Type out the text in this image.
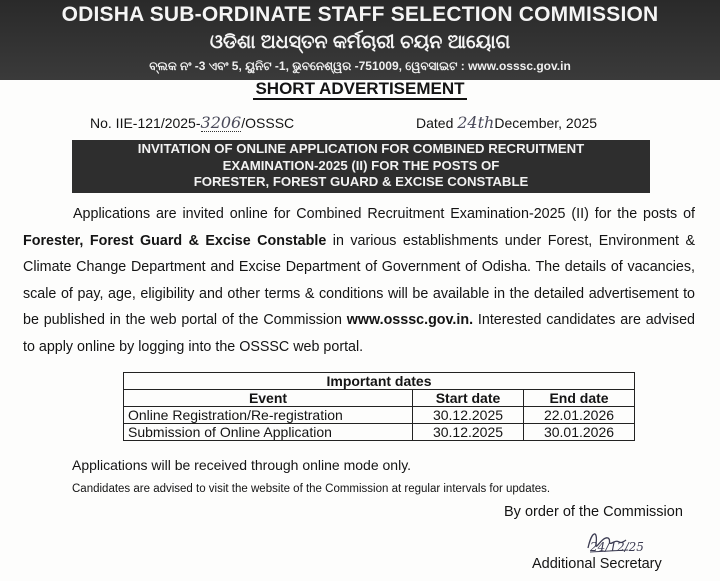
ODISHA SUB-ORDINATE STAFF SELECTION COMMISSION
ଓଡିଶା ଅଧସ୍ତନ କର୍ମଚାରୀ ଚୟନ ଆୟୋଗ
ବ୍ଲକ ନଂ -3 ଏବଂ 5, ୟୁନିଟ -1, ଭୁବନେଶ୍ୱର -751009, ୱେବସାଇଟ : www.osssc.gov.in
SHORT ADVERTISEMENT
No. IIE-121/2025-3206/OSSSC	Dated 24thDecember, 2025
INVITATION OF ONLINE APPLICATION FOR COMBINED RECRUITMENT
EXAMINATION-2025 (II) FOR THE POSTS OF
FORESTER, FOREST GUARD & EXCISE CONSTABLE
Applications are invited online for Combined Recruitment Examination-2025 (II) for the posts of Forester, Forest Guard & Excise Constable in various establishments under Forest, Environment & Climate Change Department and Excise Department of Government of Odisha. The details of vacancies, scale of pay, age, eligibility and other terms & conditions will be available in the detailed advertisement to be published in the web portal of the Commission www.osssc.gov.in. Interested candidates are advised to apply online by logging into the OSSSC web portal.
Important dates		
Event	Start date	End date
Online Registration/Re-registration	30.12.2025	22.01.2026
Submission of Online Application	30.12.2025	30.01.2026
Applications will be received through online mode only.
Candidates are advised to visit the website of the Commission at regular intervals for updates.
By order of the Commission
24/12/25
Additional Secretary
